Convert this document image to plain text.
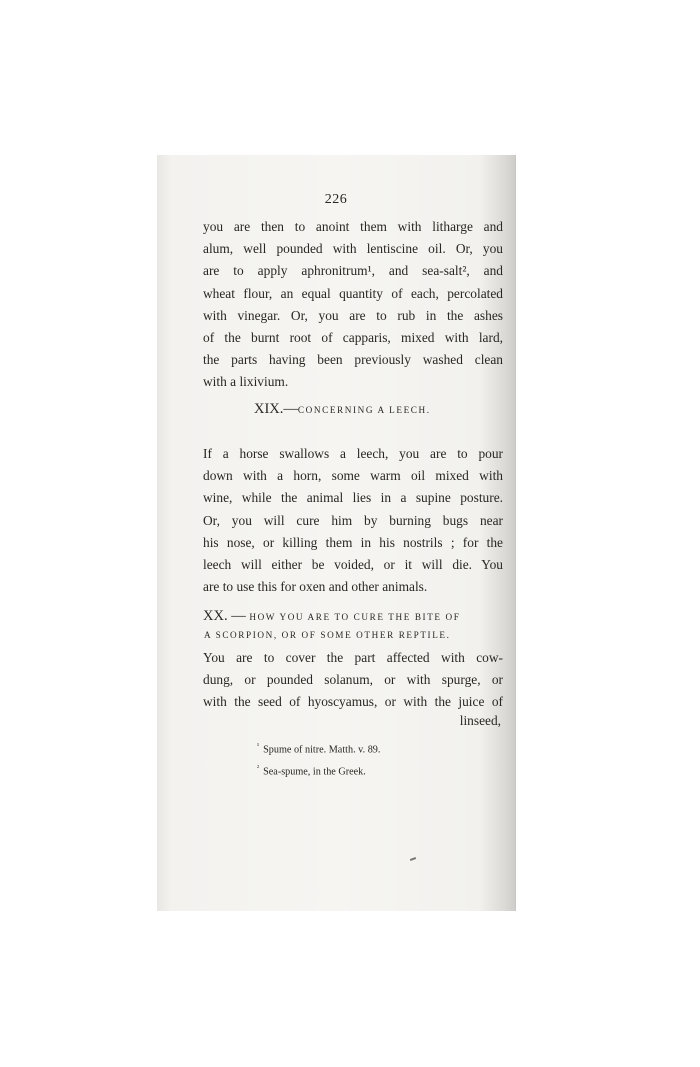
226
you are then to anoint them with litharge and
alum, well pounded with lentiscine oil. Or, you
are to apply aphronitrum¹, and sea-salt², and
wheat flour, an equal quantity of each, percolated
with vinegar. Or, you are to rub in the ashes
of the burnt root of capparis, mixed with lard,
the parts having been previously washed clean
with a lixivium.
XIX.—CONCERNING A LEECH.
If a horse swallows a leech, you are to pour
down with a horn, some warm oil mixed with
wine, while the animal lies in a supine posture.
Or, you will cure him by burning bugs near
his nose, or killing them in his nostrils ; for the
leech will either be voided, or it will die. You
are to use this for oxen and other animals.
XX. — HOW YOU ARE TO CURE THE BITE OF
A SCORPION, OR OF SOME OTHER REPTILE.
You are to cover the part affected with cow-
dung, or pounded solanum, or with spurge, or
with the seed of hyoscyamus, or with the juice of
linseed,
$^{^1}$ Spume of nitre. Matth. v. 89.
$^{^2}$ Sea-spume, in the Greek.
